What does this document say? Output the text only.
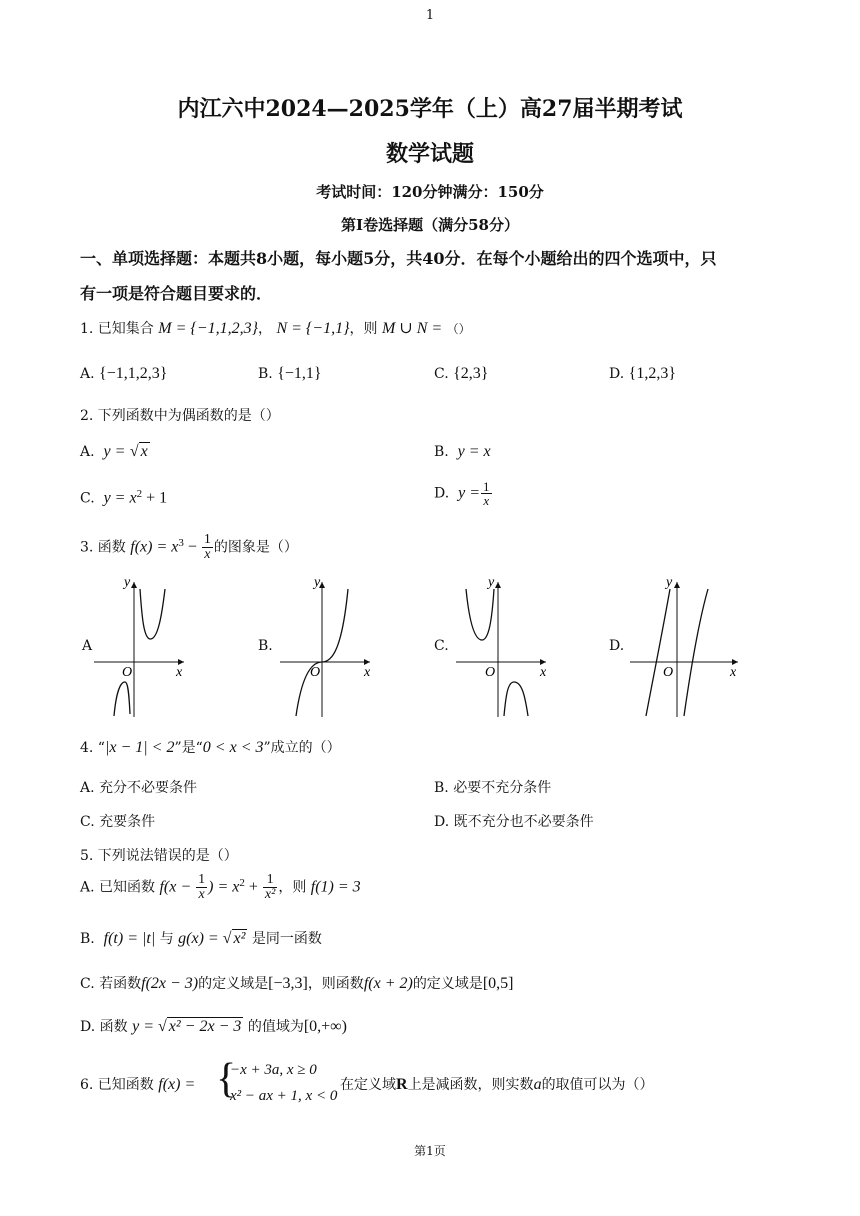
1
内江六中2024—2025学年（上）高27届半期考试
数学试题
考试时间：120分钟满分：150分
第Ⅰ卷选择题（满分58分）
一、单项选择题：本题共8小题，每小题5分，共40分．在每个小题给出的四个选项中，只
有一项是符合题目要求的．
1. 已知集合 M = {−1,1,2,3}， N = {−1,1}，则 M ∪ N = （）
A. {−1,1,2,3}	B. {−1,1}	C. {2,3}	D. {1,2,3}
2. 下列函数中为偶函数的是（）
A. y = √ x	B. y = x
C. $y = x^2 + 1$	D. $y = \frac{1}{x}$
3. 函数 $f(x) = x^3 - \frac{1}{x}$ 的图象是（）
A
y
x
O
B.
y
x
O
C.
y
x
O
D.
y
x
O
4. “|x − 1| < 2”是“0 < x < 3”成立的（）
A. 充分不必要条件	B. 必要不充分条件
C. 充要条件	D. 既不充分也不必要条件
5. 下列说法错误的是（）
A. 已知函数 $f(x - \frac{1}{x}$ ) = $x^2 + \frac{1}{\text{x²}}$ ，则 f(1) = 3
B. f(t) = |t| 与 g(x) = √ x² 是同一函数
C. 若函数f(2x − 3)的定义域是[−3,3]，则函数f(x + 2)的定义域是[0,5]
D. 函数 y = √ x² − 2x − 3 的值域为[0,+∞)
6. 已知函数 f(x) = {
−x + 3a, x ≥ 0
x² − ax + 1, x < 0
在定义域R上是减函数，则实数a的取值可以为（）
第1页
